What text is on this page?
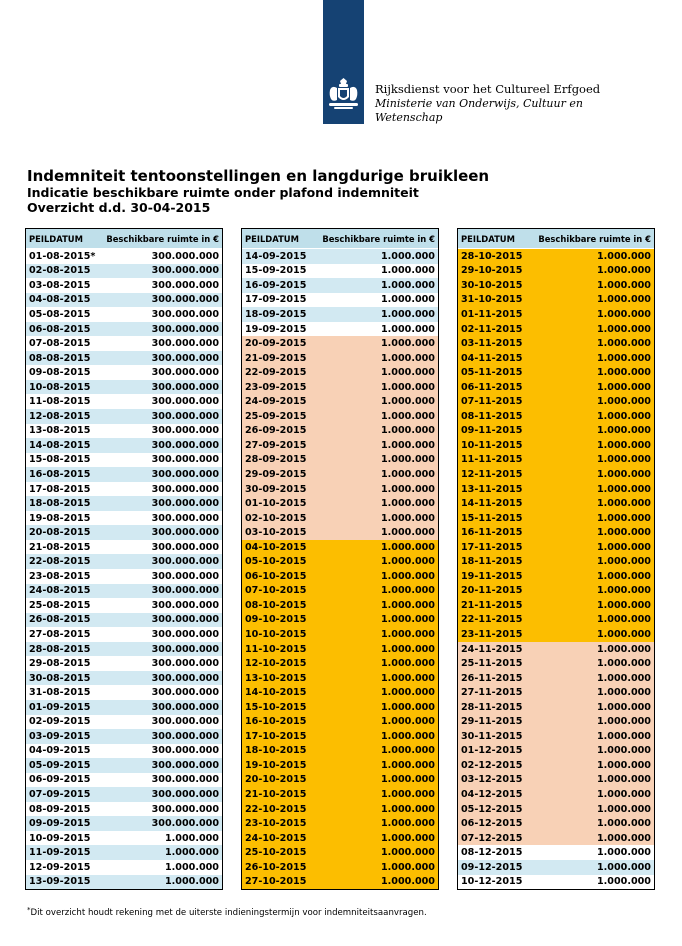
Rijksdienst voor het Cultureel Erfgoed
Ministerie van Onderwijs, Cultuur en
Wetenschap
Indemniteit tentoonstellingen en langdurige bruikleen
Indicatie beschikbare ruimte onder plafond indemniteit
Overzicht d.d. 30-04-2015
PEILDATUM	Beschikbare ruimte in €
01-08-2015*	300.000.000
02-08-2015	300.000.000
03-08-2015	300.000.000
04-08-2015	300.000.000
05-08-2015	300.000.000
06-08-2015	300.000.000
07-08-2015	300.000.000
08-08-2015	300.000.000
09-08-2015	300.000.000
10-08-2015	300.000.000
11-08-2015	300.000.000
12-08-2015	300.000.000
13-08-2015	300.000.000
14-08-2015	300.000.000
15-08-2015	300.000.000
16-08-2015	300.000.000
17-08-2015	300.000.000
18-08-2015	300.000.000
19-08-2015	300.000.000
20-08-2015	300.000.000
21-08-2015	300.000.000
22-08-2015	300.000.000
23-08-2015	300.000.000
24-08-2015	300.000.000
25-08-2015	300.000.000
26-08-2015	300.000.000
27-08-2015	300.000.000
28-08-2015	300.000.000
29-08-2015	300.000.000
30-08-2015	300.000.000
31-08-2015	300.000.000
01-09-2015	300.000.000
02-09-2015	300.000.000
03-09-2015	300.000.000
04-09-2015	300.000.000
05-09-2015	300.000.000
06-09-2015	300.000.000
07-09-2015	300.000.000
08-09-2015	300.000.000
09-09-2015	300.000.000
10-09-2015	1.000.000
11-09-2015	1.000.000
12-09-2015	1.000.000
13-09-2015	1.000.000
PEILDATUM	Beschikbare ruimte in €
14-09-2015	1.000.000
15-09-2015	1.000.000
16-09-2015	1.000.000
17-09-2015	1.000.000
18-09-2015	1.000.000
19-09-2015	1.000.000
20-09-2015	1.000.000
21-09-2015	1.000.000
22-09-2015	1.000.000
23-09-2015	1.000.000
24-09-2015	1.000.000
25-09-2015	1.000.000
26-09-2015	1.000.000
27-09-2015	1.000.000
28-09-2015	1.000.000
29-09-2015	1.000.000
30-09-2015	1.000.000
01-10-2015	1.000.000
02-10-2015	1.000.000
03-10-2015	1.000.000
04-10-2015	1.000.000
05-10-2015	1.000.000
06-10-2015	1.000.000
07-10-2015	1.000.000
08-10-2015	1.000.000
09-10-2015	1.000.000
10-10-2015	1.000.000
11-10-2015	1.000.000
12-10-2015	1.000.000
13-10-2015	1.000.000
14-10-2015	1.000.000
15-10-2015	1.000.000
16-10-2015	1.000.000
17-10-2015	1.000.000
18-10-2015	1.000.000
19-10-2015	1.000.000
20-10-2015	1.000.000
21-10-2015	1.000.000
22-10-2015	1.000.000
23-10-2015	1.000.000
24-10-2015	1.000.000
25-10-2015	1.000.000
26-10-2015	1.000.000
27-10-2015	1.000.000
PEILDATUM	Beschikbare ruimte in €
28-10-2015	1.000.000
29-10-2015	1.000.000
30-10-2015	1.000.000
31-10-2015	1.000.000
01-11-2015	1.000.000
02-11-2015	1.000.000
03-11-2015	1.000.000
04-11-2015	1.000.000
05-11-2015	1.000.000
06-11-2015	1.000.000
07-11-2015	1.000.000
08-11-2015	1.000.000
09-11-2015	1.000.000
10-11-2015	1.000.000
11-11-2015	1.000.000
12-11-2015	1.000.000
13-11-2015	1.000.000
14-11-2015	1.000.000
15-11-2015	1.000.000
16-11-2015	1.000.000
17-11-2015	1.000.000
18-11-2015	1.000.000
19-11-2015	1.000.000
20-11-2015	1.000.000
21-11-2015	1.000.000
22-11-2015	1.000.000
23-11-2015	1.000.000
24-11-2015	1.000.000
25-11-2015	1.000.000
26-11-2015	1.000.000
27-11-2015	1.000.000
28-11-2015	1.000.000
29-11-2015	1.000.000
30-11-2015	1.000.000
01-12-2015	1.000.000
02-12-2015	1.000.000
03-12-2015	1.000.000
04-12-2015	1.000.000
05-12-2015	1.000.000
06-12-2015	1.000.000
07-12-2015	1.000.000
08-12-2015	1.000.000
09-12-2015	1.000.000
10-12-2015	1.000.000
*Dit overzicht houdt rekening met de uiterste indieningstermijn voor indemniteitsaanvragen.
